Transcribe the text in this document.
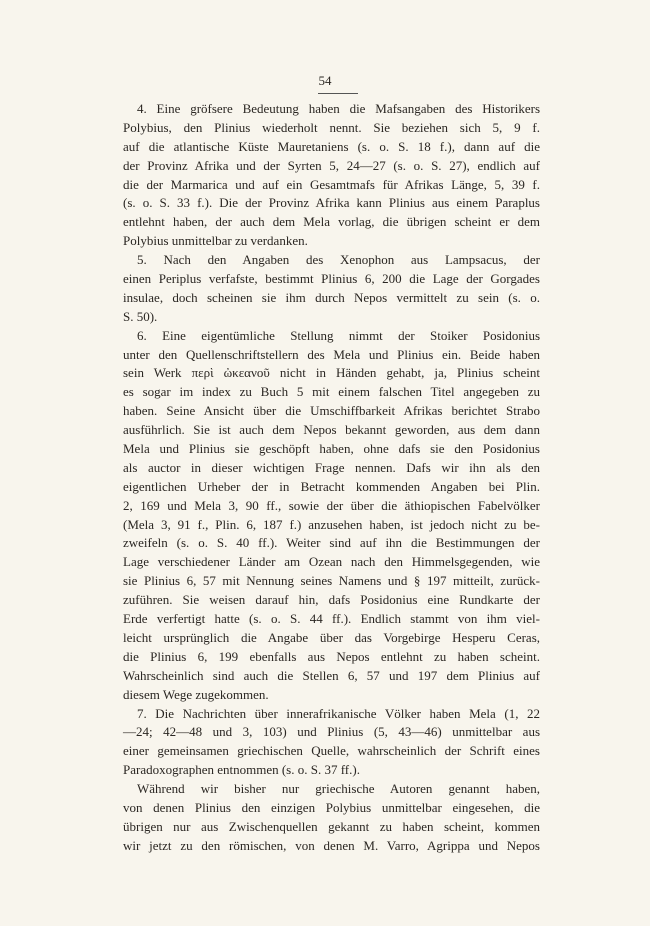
54
4. Eine gröfsere Bedeutung haben die Mafsangaben des Historikers
Polybius, den Plinius wiederholt nennt. Sie beziehen sich 5, 9 f.
auf die atlantische Küste Mauretaniens (s. o. S. 18 f.), dann auf die
der Provinz Afrika und der Syrten 5, 24—27 (s. o. S. 27), endlich auf
die der Marmarica und auf ein Gesamtmafs für Afrikas Länge, 5, 39 f.
(s. o. S. 33 f.). Die der Provinz Afrika kann Plinius aus einem Paraplus
entlehnt haben, der auch dem Mela vorlag, die übrigen scheint er dem
Polybius unmittelbar zu verdanken.
5. Nach den Angaben des Xenophon aus Lampsacus, der
einen Periplus verfafste, bestimmt Plinius 6, 200 die Lage der Gorgades
insulae, doch scheinen sie ihm durch Nepos vermittelt zu sein (s. o.
S. 50).
6. Eine eigentümliche Stellung nimmt der Stoiker Posidonius
unter den Quellenschriftstellern des Mela und Plinius ein. Beide haben
sein Werk περὶ ὠκεανοῦ nicht in Händen gehabt, ja, Plinius scheint
es sogar im index zu Buch 5 mit einem falschen Titel angegeben zu
haben. Seine Ansicht über die Umschiffbarkeit Afrikas berichtet Strabo
ausführlich. Sie ist auch dem Nepos bekannt geworden, aus dem dann
Mela und Plinius sie geschöpft haben, ohne dafs sie den Posidonius
als auctor in dieser wichtigen Frage nennen. Dafs wir ihn als den
eigentlichen Urheber der in Betracht kommenden Angaben bei Plin.
2, 169 und Mela 3, 90 ff., sowie der über die äthiopischen Fabelvölker
(Mela 3, 91 f., Plin. 6, 187 f.) anzusehen haben, ist jedoch nicht zu be-
zweifeln (s. o. S. 40 ff.). Weiter sind auf ihn die Bestimmungen der
Lage verschiedener Länder am Ozean nach den Himmelsgegenden, wie
sie Plinius 6, 57 mit Nennung seines Namens und § 197 mitteilt, zurück-
zuführen. Sie weisen darauf hin, dafs Posidonius eine Rundkarte der
Erde verfertigt hatte (s. o. S. 44 ff.). Endlich stammt von ihm viel-
leicht ursprünglich die Angabe über das Vorgebirge Hesperu Ceras,
die Plinius 6, 199 ebenfalls aus Nepos entlehnt zu haben scheint.
Wahrscheinlich sind auch die Stellen 6, 57 und 197 dem Plinius auf
diesem Wege zugekommen.
7. Die Nachrichten über innerafrikanische Völker haben Mela (1, 22
—24; 42—48 und 3, 103) und Plinius (5, 43—46) unmittelbar aus
einer gemeinsamen griechischen Quelle, wahrscheinlich der Schrift eines
Paradoxographen entnommen (s. o. S. 37 ff.).
Während wir bisher nur griechische Autoren genannt haben,
von denen Plinius den einzigen Polybius unmittelbar eingesehen, die
übrigen nur aus Zwischenquellen gekannt zu haben scheint, kommen
wir jetzt zu den römischen, von denen M. Varro, Agrippa und Nepos
